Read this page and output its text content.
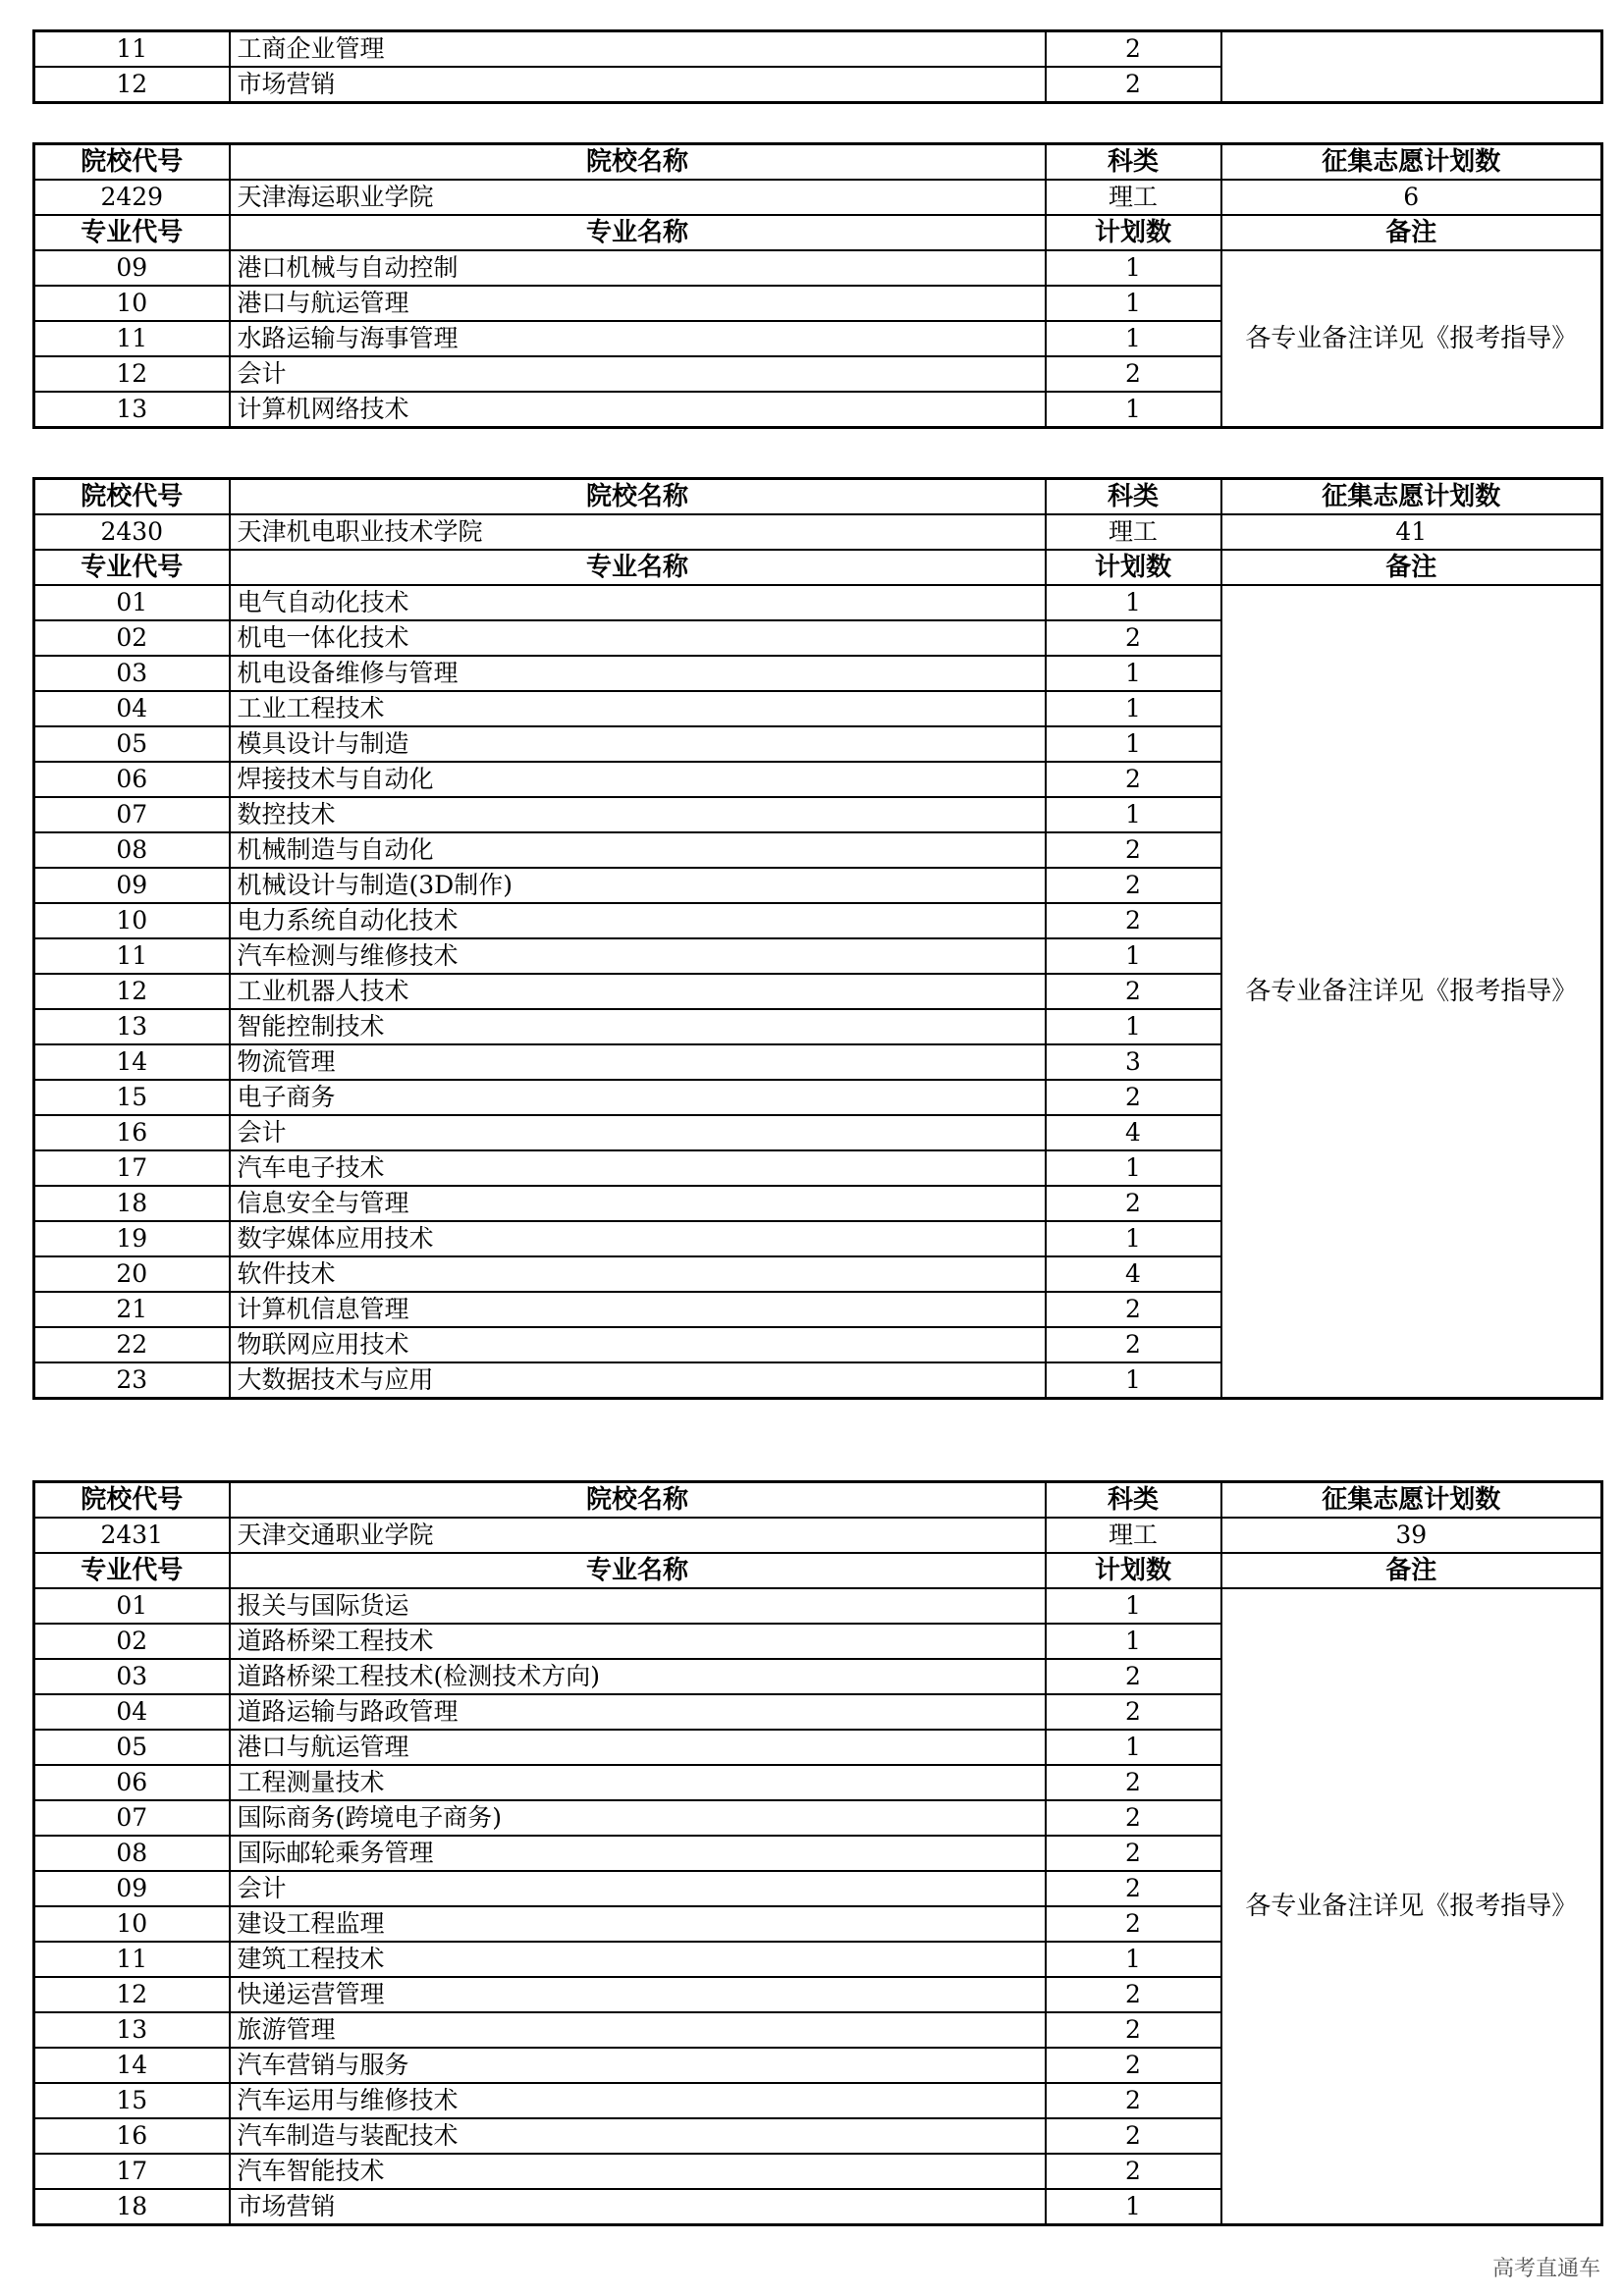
11	工商企业管理	2	
12	市场营销	2	
院校代号	院校名称	科类	征集志愿计划数
2429	天津海运职业学院	理工	6
专业代号	专业名称	计划数	备注
09	港口机械与自动控制	1	各专业备注详见《报考指导》
10	港口与航运管理	1	
11	水路运输与海事管理	1	
12	会计	2	
13	计算机网络技术	1	
院校代号	院校名称	科类	征集志愿计划数
2430	天津机电职业技术学院	理工	41
专业代号	专业名称	计划数	备注
01	电气自动化技术	1	各专业备注详见《报考指导》
02	机电一体化技术	2	
03	机电设备维修与管理	1	
04	工业工程技术	1	
05	模具设计与制造	1	
06	焊接技术与自动化	2	
07	数控技术	1	
08	机械制造与自动化	2	
09	机械设计与制造(3D制作)	2	
10	电力系统自动化技术	2	
11	汽车检测与维修技术	1	
12	工业机器人技术	2	
13	智能控制技术	1	
14	物流管理	3	
15	电子商务	2	
16	会计	4	
17	汽车电子技术	1	
18	信息安全与管理	2	
19	数字媒体应用技术	1	
20	软件技术	4	
21	计算机信息管理	2	
22	物联网应用技术	2	
23	大数据技术与应用	1	
院校代号	院校名称	科类	征集志愿计划数
2431	天津交通职业学院	理工	39
专业代号	专业名称	计划数	备注
01	报关与国际货运	1	各专业备注详见《报考指导》
02	道路桥梁工程技术	1	
03	道路桥梁工程技术(检测技术方向)	2	
04	道路运输与路政管理	2	
05	港口与航运管理	1	
06	工程测量技术	2	
07	国际商务(跨境电子商务)	2	
08	国际邮轮乘务管理	2	
09	会计	2	
10	建设工程监理	2	
11	建筑工程技术	1	
12	快递运营管理	2	
13	旅游管理	2	
14	汽车营销与服务	2	
15	汽车运用与维修技术	2	
16	汽车制造与装配技术	2	
17	汽车智能技术	2	
18	市场营销	1	
高考直通车
